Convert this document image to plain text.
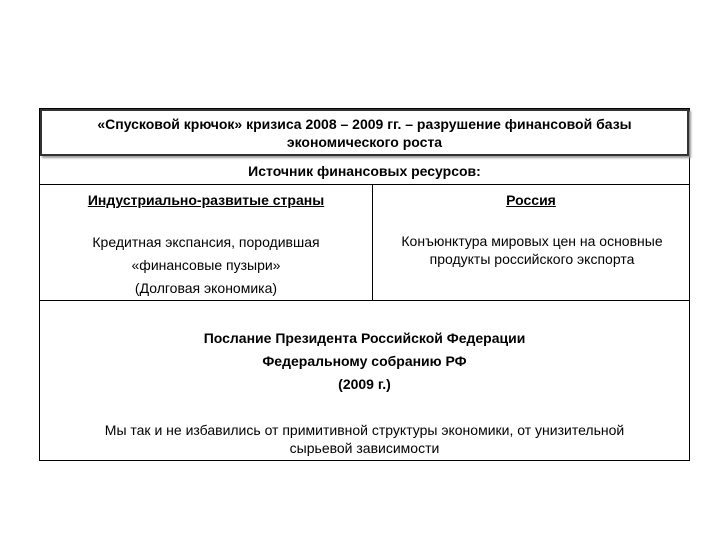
«Спусковой крючок» кризиса 2008 – 2009 гг. – разрушение финансовой базы
экономического роста
Источник финансовых ресурсов:
Индустриально-развитые страны
Кредитная экспансия, породившая
«финансовые пузыри»
(Долговая экономика)
Россия
Конъюнктура мировых цен на основные
продукты российского экспорта
Послание Президента Российской Федерации
Федеральному собранию РФ
(2009 г.)
Мы так и не избавились от примитивной структуры экономики, от унизительной
сырьевой зависимости
